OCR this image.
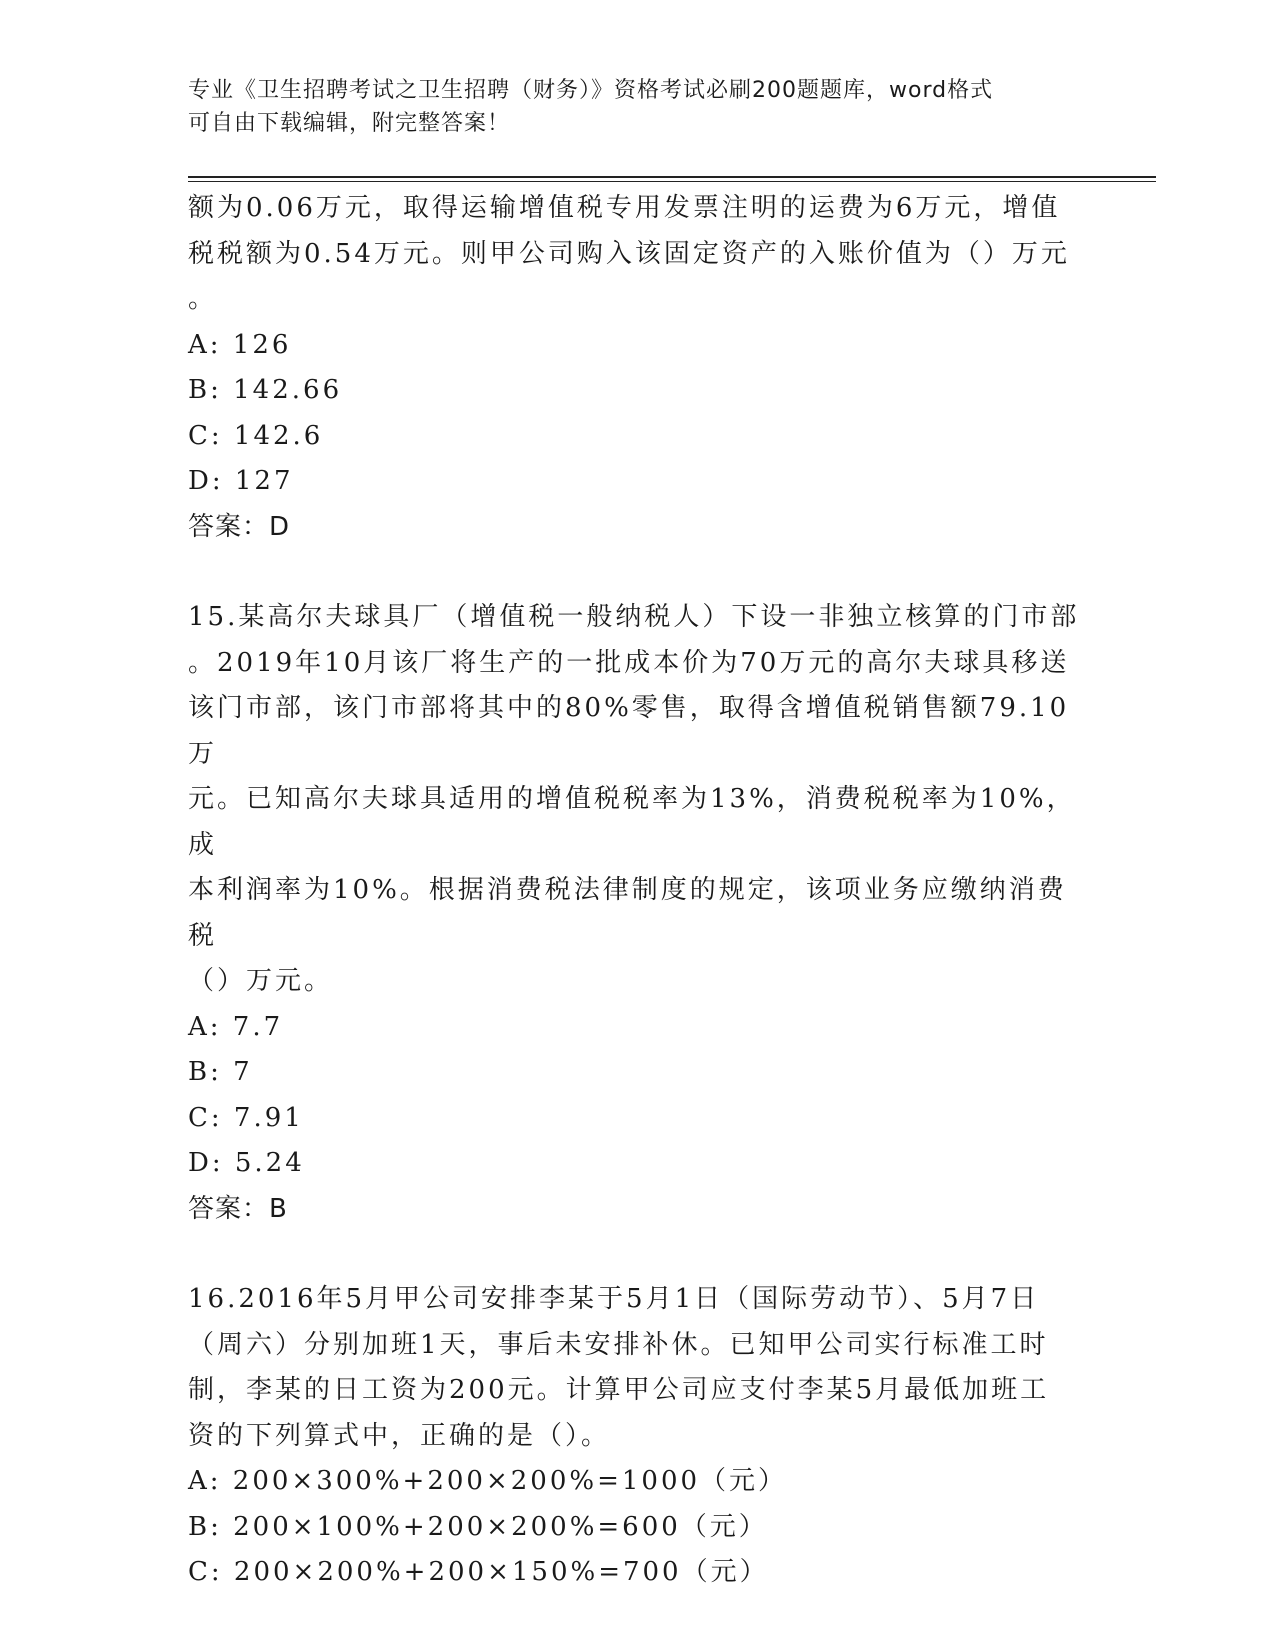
专业《卫生招聘考试之卫生招聘（财务）》资格考试必刷200题题库，word格式
可自由下载编辑，附完整答案！

额为0.06万元，取得运输增值税专用发票注明的运费为6万元，增值

税税额为0.54万元。则甲公司购入该固定资产的入账价值为（）万元

。

A: 126

B: 142.66

C: 142.6

D: 127

答案：D

15.某高尔夫球具厂（增值税一般纳税人）下设一非独立核算的门市部

。2019年10月该厂将生产的一批成本价为70万元的高尔夫球具移送

该门市部，该门市部将其中的80%零售，取得含增值税销售额79.10万

元。已知高尔夫球具适用的增值税税率为13%，消费税税率为10%，成

本利润率为10%。根据消费税法律制度的规定，该项业务应缴纳消费税

（）万元。

A: 7.7

B: 7

C: 7.91

D: 5.24

答案：B

16.2016年5月甲公司安排李某于5月1日（国际劳动节）、5月7日

（周六）分别加班1天，事后未安排补休。已知甲公司实行标准工时

制，李某的日工资为200元。计算甲公司应支付李某5月最低加班工

资的下列算式中，正确的是（）。

A: 200×300%+200×200%=1000（元）

B: 200×100%+200×200%=600（元）

C: 200×200%+200×150%=700（元）
